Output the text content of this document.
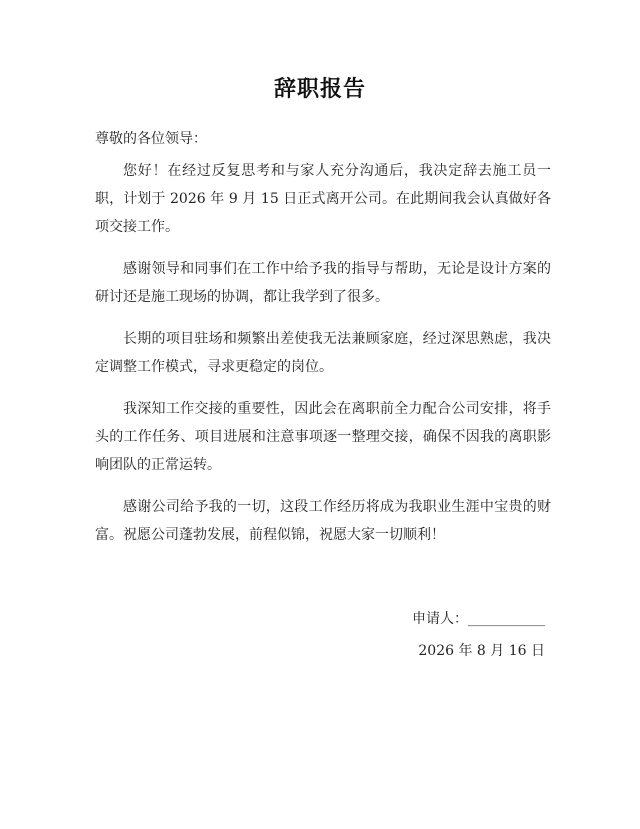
辞职报告
尊敬的各位领导：

您好！在经过反复思考和与家人充分沟通后，我决定辞去施工员一职，计划于 2026 年 9 月 15 日正式离开公司。在此期间我会认真做好各项交接工作。

感谢领导和同事们在工作中给予我的指导与帮助，无论是设计方案的研讨还是施工现场的协调，都让我学到了很多。

长期的项目驻场和频繁出差使我无法兼顾家庭，经过深思熟虑，我决定调整工作模式，寻求更稳定的岗位。

我深知工作交接的重要性，因此会在离职前全力配合公司安排，将手头的工作任务、项目进展和注意事项逐一整理交接，确保不因我的离职影响团队的正常运转。

感谢公司给予我的一切，这段工作经历将成为我职业生涯中宝贵的财富。祝愿公司蓬勃发展，前程似锦，祝愿大家一切顺利！

申请人：___________
2026 年 8 月 16 日
